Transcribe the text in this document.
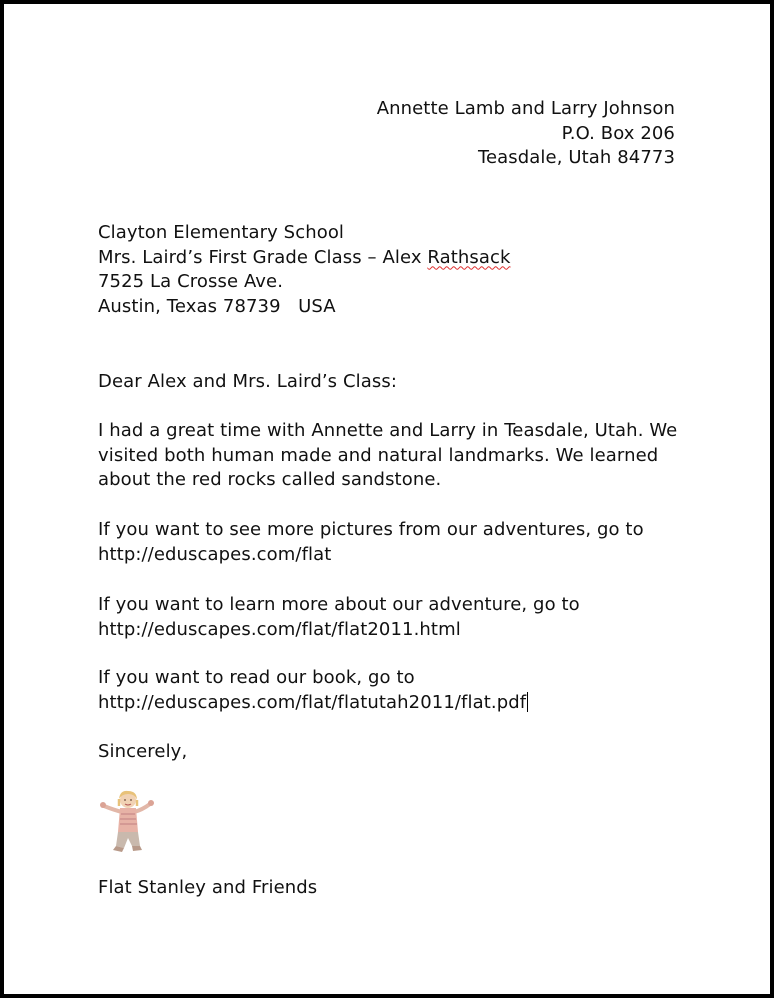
Annette Lamb and Larry Johnson
P.O. Box 206
Teasdale, Utah 84773
Clayton Elementary School
Mrs. Laird’s First Grade Class – Alex Rathsack
7525 La Crosse Ave.
Austin, Texas 78739   USA
Dear Alex and Mrs. Laird’s Class:
I had a great time with Annette and Larry in Teasdale, Utah. We
visited both human made and natural landmarks. We learned
about the red rocks called sandstone.
If you want to see more pictures from our adventures, go to
http://eduscapes.com/flat
If you want to learn more about our adventure, go to
http://eduscapes.com/flat/flat2011.html
If you want to read our book, go to
http://eduscapes.com/flat/flatutah2011/flat.pdf
Sincerely,
Flat Stanley and Friends
